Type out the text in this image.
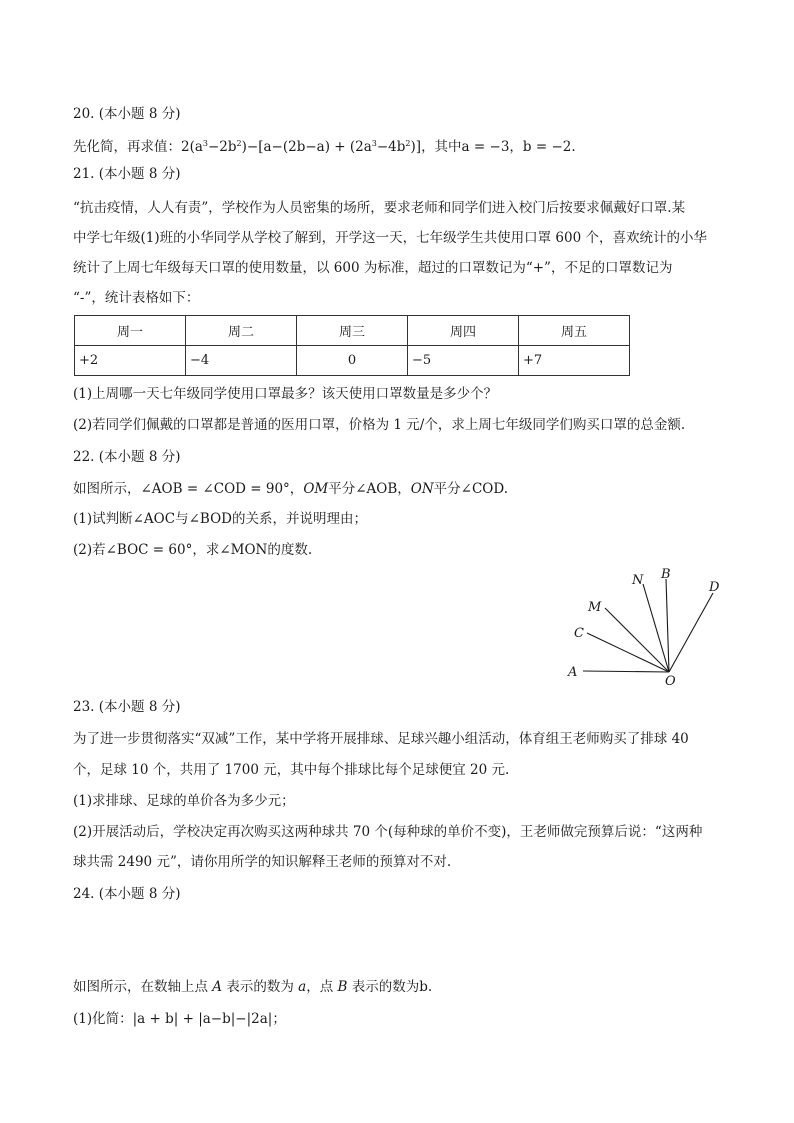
20. (本小题 8 分)
先化简，再求值：$2(a^3-2b^2)-[a-(2b-a) + (2a^3-4b^2)]$，其中a = −3，b = −2.
21. (本小题 8 分)
“抗击疫情，人人有责”，学校作为人员密集的场所，要求老师和同学们进入校门后按要求佩戴好口罩.某
中学七年级(1)班的小华同学从学校了解到，开学这一天，七年级学生共使用口罩 600 个，喜欢统计的小华
统计了上周七年级每天口罩的使用数量，以 600 为标准，超过的口罩数记为“+”，不足的口罩数记为
“-”，统计表格如下：
周一	周二	周三	周四	周五
+2	−4	0	−5	+7
(1)上周哪一天七年级同学使用口罩最多？该天使用口罩数量是多少个？
(2)若同学们佩戴的口罩都是普通的医用口罩，价格为 1 元/个，求上周七年级同学们购买口罩的总金额.
22. (本小题 8 分)
如图所示，∠AOB = ∠COD = 90°，OM平分∠AOB，ON平分∠COD.
(1)试判断∠AOC与∠BOD的关系，并说明理由；
(2)若∠BOC = 60°，求∠MON的度数.
A
C
M
N B
D
O
23. (本小题 8 分)
为了进一步贯彻落实“双减”工作，某中学将开展排球、足球兴趣小组活动，体育组王老师购买了排球 40
个，足球 10 个，共用了 1700 元，其中每个排球比每个足球便宜 20 元.
(1)求排球、足球的单价各为多少元；
(2)开展活动后，学校决定再次购买这两种球共 70 个(每种球的单价不变)，王老师做完预算后说：“这两种
球共需 2490 元”，请你用所学的知识解释王老师的预算对不对.
24. (本小题 8 分)
如图所示，在数轴上点 A 表示的数为 a，点 B 表示的数为b.
(1)化简：|a + b| + |a−b|−|2a|；
